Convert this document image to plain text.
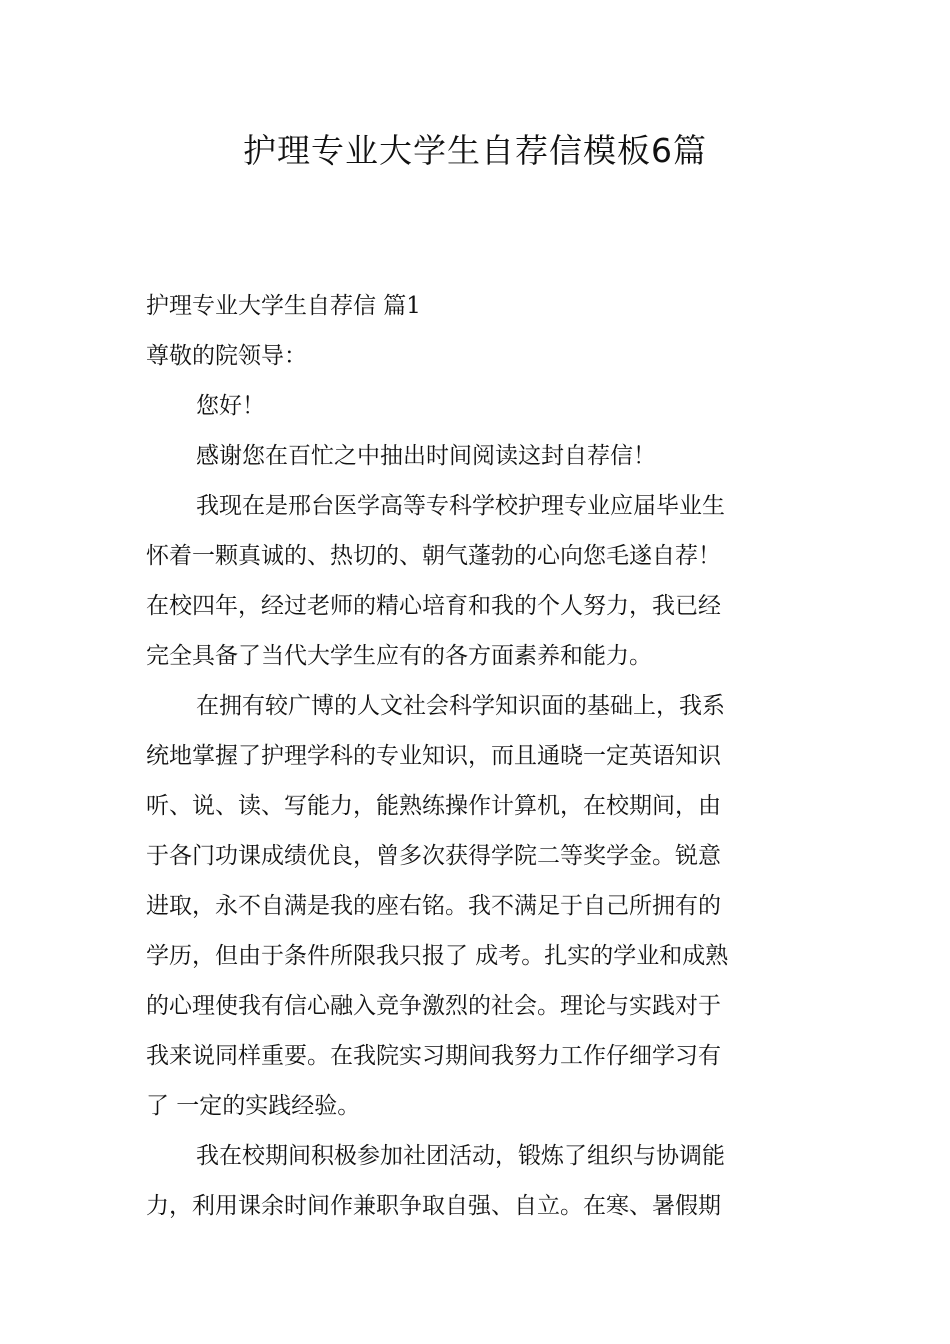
护理专业大学生自荐信模板6篇
护理专业大学生自荐信 篇1
尊敬的院领导：
您好！
感谢您在百忙之中抽出时间阅读这封自荐信！
我现在是邢台医学高等专科学校护理专业应届毕业生
怀着一颗真诚的、热切的、朝气蓬勃的心向您毛遂自荐！
在校四年，经过老师的精心培育和我的个人努力，我已经
完全具备了当代大学生应有的各方面素养和能力。
在拥有较广博的人文社会科学知识面的基础上，我系
统地掌握了护理学科的专业知识，而且通晓一定英语知识
听、说、读、写能力，能熟练操作计算机，在校期间，由
于各门功课成绩优良，曾多次获得学院二等奖学金。锐意
进取，永不自满是我的座右铭。我不满足于自己所拥有的
学历，但由于条件所限我只报了 成考。扎实的学业和成熟
的心理使我有信心融入竞争激烈的社会。理论与实践对于
我来说同样重要。在我院实习期间我努力工作仔细学习有
了 一定的实践经验。
我在校期间积极参加社团活动，锻炼了组织与协调能
力，利用课余时间作兼职争取自强、自立。在寒、暑假期
